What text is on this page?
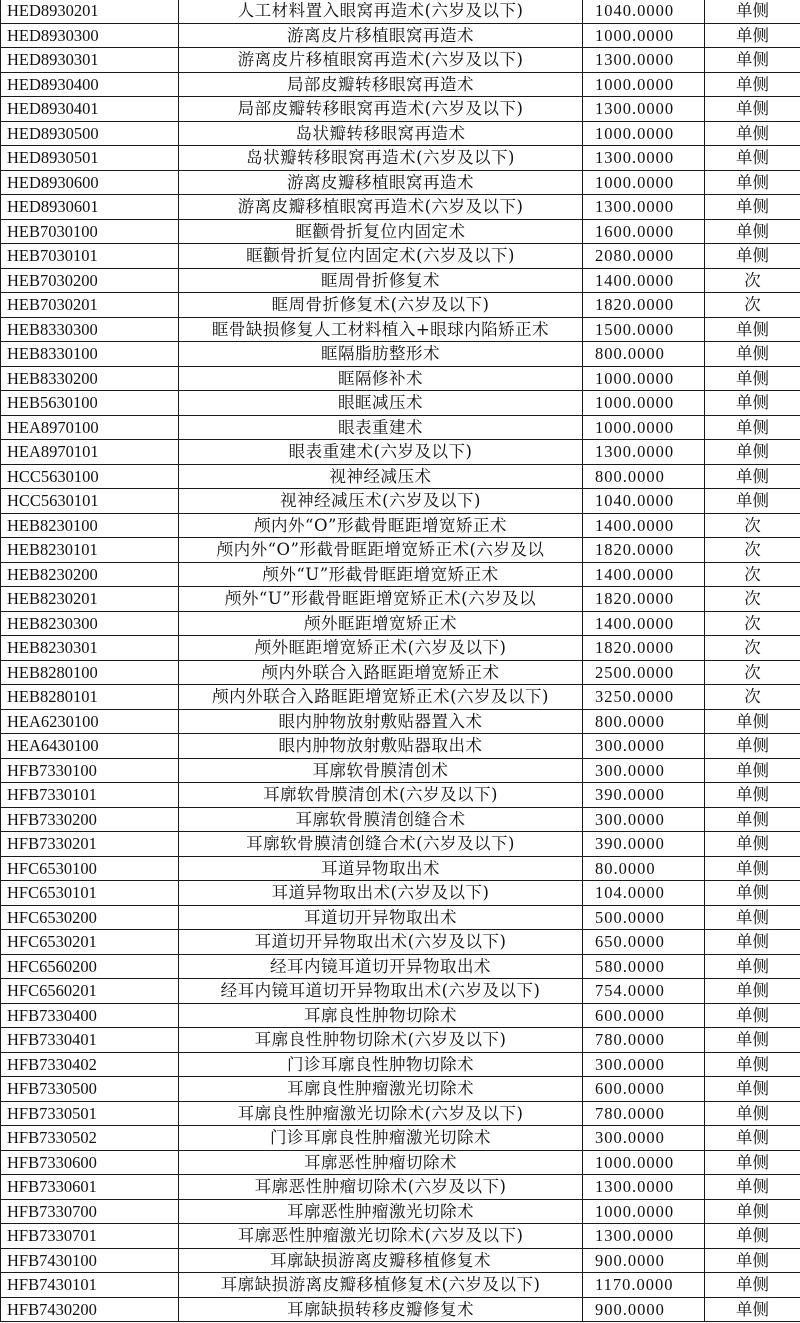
HED8930201	人工材料置入眼窝再造术(六岁及以下)	1040.0000	单侧
HED8930300	游离皮片移植眼窝再造术	1000.0000	单侧
HED8930301	游离皮片移植眼窝再造术(六岁及以下)	1300.0000	单侧
HED8930400	局部皮瓣转移眼窝再造术	1000.0000	单侧
HED8930401	局部皮瓣转移眼窝再造术(六岁及以下)	1300.0000	单侧
HED8930500	岛状瓣转移眼窝再造术	1000.0000	单侧
HED8930501	岛状瓣转移眼窝再造术(六岁及以下)	1300.0000	单侧
HED8930600	游离皮瓣移植眼窝再造术	1000.0000	单侧
HED8930601	游离皮瓣移植眼窝再造术(六岁及以下)	1300.0000	单侧
HEB7030100	眶颧骨折复位内固定术	1600.0000	单侧
HEB7030101	眶颧骨折复位内固定术(六岁及以下)	2080.0000	单侧
HEB7030200	眶周骨折修复术	1400.0000	次
HEB7030201	眶周骨折修复术(六岁及以下)	1820.0000	次
HEB8330300	眶骨缺损修复人工材料植入+眼球内陷矫正术	1500.0000	单侧
HEB8330100	眶隔脂肪整形术	800.0000	单侧
HEB8330200	眶隔修补术	1000.0000	单侧
HEB5630100	眼眶减压术	1000.0000	单侧
HEA8970100	眼表重建术	1000.0000	单侧
HEA8970101	眼表重建术(六岁及以下)	1300.0000	单侧
HCC5630100	视神经减压术	800.0000	单侧
HCC5630101	视神经减压术(六岁及以下)	1040.0000	单侧
HEB8230100	颅内外“O”形截骨眶距增宽矫正术	1400.0000	次
HEB8230101	颅内外“O”形截骨眶距增宽矫正术(六岁及以	1820.0000	次
HEB8230200	颅外“U”形截骨眶距增宽矫正术	1400.0000	次
HEB8230201	颅外“U”形截骨眶距增宽矫正术(六岁及以	1820.0000	次
HEB8230300	颅外眶距增宽矫正术	1400.0000	次
HEB8230301	颅外眶距增宽矫正术(六岁及以下)	1820.0000	次
HEB8280100	颅内外联合入路眶距增宽矫正术	2500.0000	次
HEB8280101	颅内外联合入路眶距增宽矫正术(六岁及以下)	3250.0000	次
HEA6230100	眼内肿物放射敷贴器置入术	800.0000	单侧
HEA6430100	眼内肿物放射敷贴器取出术	300.0000	单侧
HFB7330100	耳廓软骨膜清创术	300.0000	单侧
HFB7330101	耳廓软骨膜清创术(六岁及以下)	390.0000	单侧
HFB7330200	耳廓软骨膜清创缝合术	300.0000	单侧
HFB7330201	耳廓软骨膜清创缝合术(六岁及以下)	390.0000	单侧
HFC6530100	耳道异物取出术	80.0000	单侧
HFC6530101	耳道异物取出术(六岁及以下)	104.0000	单侧
HFC6530200	耳道切开异物取出术	500.0000	单侧
HFC6530201	耳道切开异物取出术(六岁及以下)	650.0000	单侧
HFC6560200	经耳内镜耳道切开异物取出术	580.0000	单侧
HFC6560201	经耳内镜耳道切开异物取出术(六岁及以下)	754.0000	单侧
HFB7330400	耳廓良性肿物切除术	600.0000	单侧
HFB7330401	耳廓良性肿物切除术(六岁及以下)	780.0000	单侧
HFB7330402	门诊耳廓良性肿物切除术	300.0000	单侧
HFB7330500	耳廓良性肿瘤激光切除术	600.0000	单侧
HFB7330501	耳廓良性肿瘤激光切除术(六岁及以下)	780.0000	单侧
HFB7330502	门诊耳廓良性肿瘤激光切除术	300.0000	单侧
HFB7330600	耳廓恶性肿瘤切除术	1000.0000	单侧
HFB7330601	耳廓恶性肿瘤切除术(六岁及以下)	1300.0000	单侧
HFB7330700	耳廓恶性肿瘤激光切除术	1000.0000	单侧
HFB7330701	耳廓恶性肿瘤激光切除术(六岁及以下)	1300.0000	单侧
HFB7430100	耳廓缺损游离皮瓣移植修复术	900.0000	单侧
HFB7430101	耳廓缺损游离皮瓣移植修复术(六岁及以下)	1170.0000	单侧
HFB7430200	耳廓缺损转移皮瓣修复术	900.0000	单侧
